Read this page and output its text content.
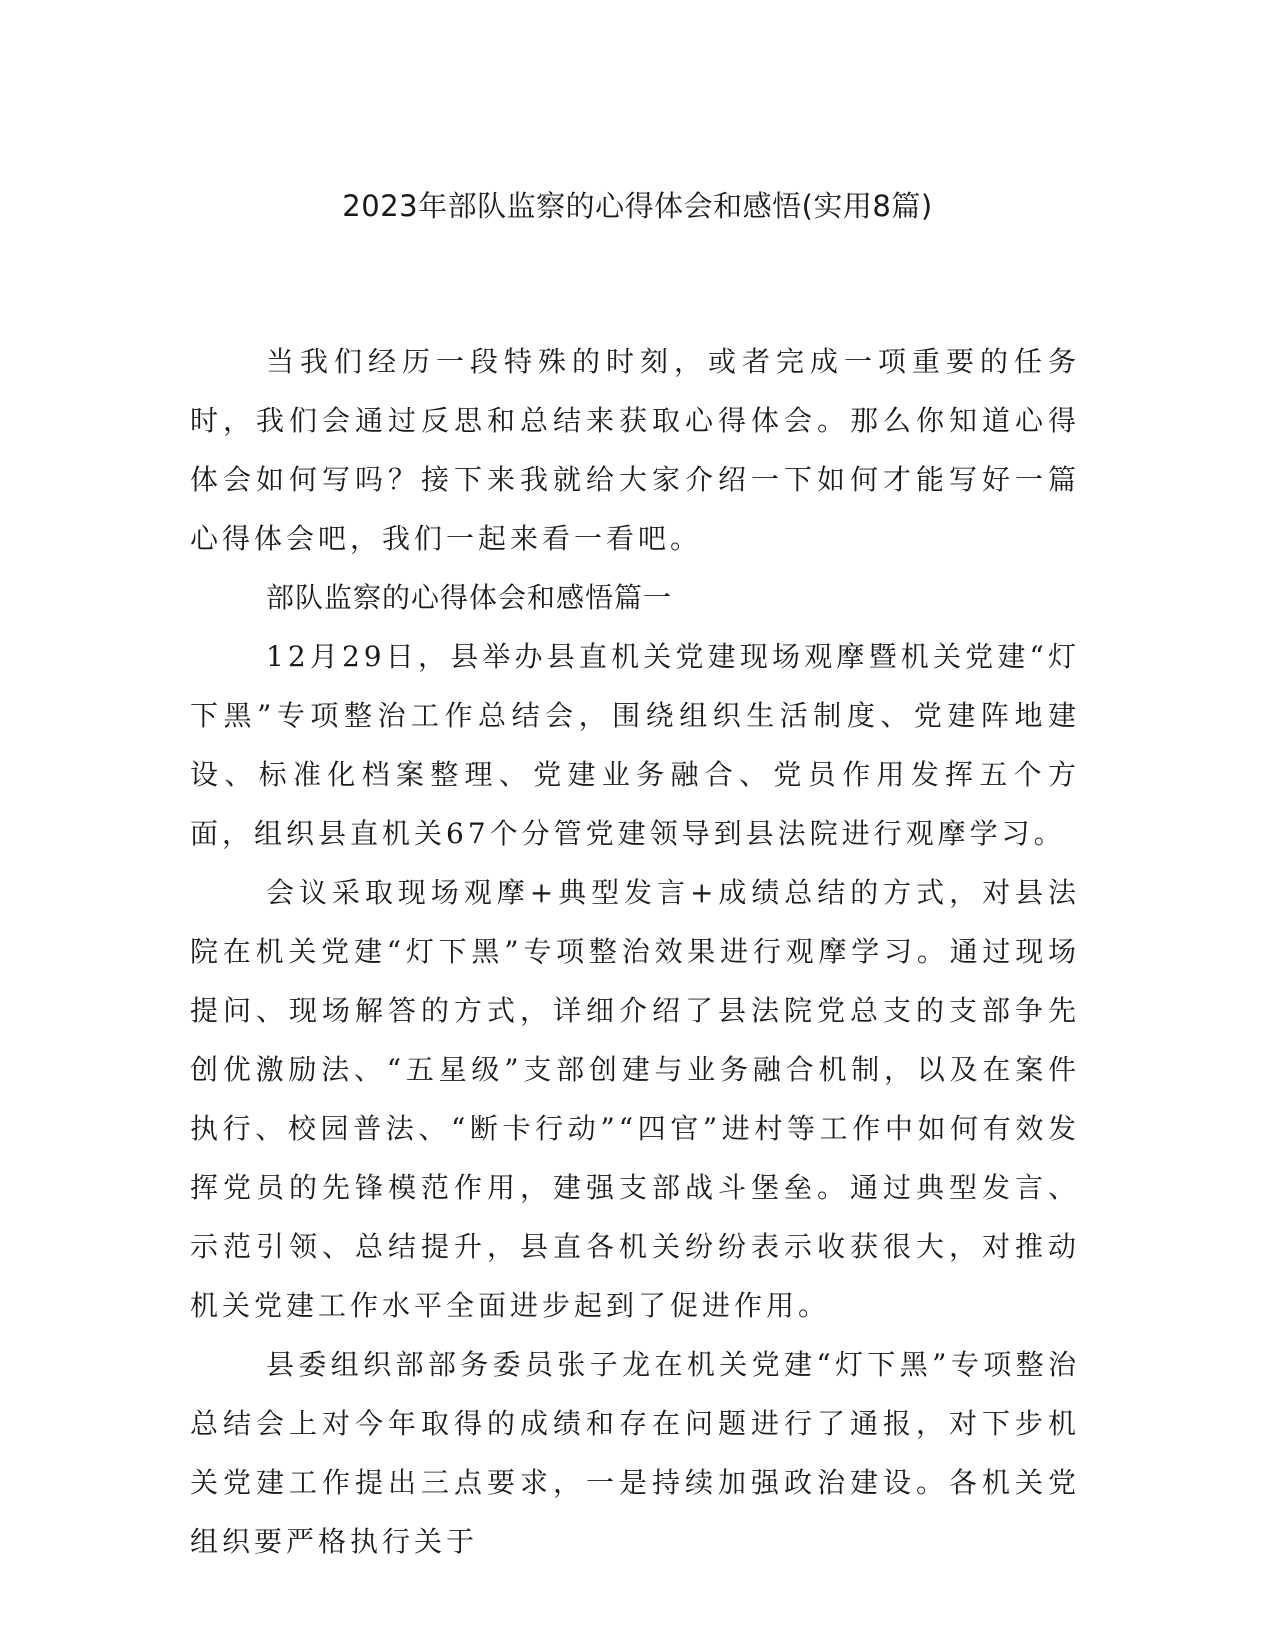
2023年部队监察的心得体会和感悟(实用8篇)

当我们经历一段特殊的时刻，或者完成一项重要的任务时，我们会通过反思和总结来获取心得体会。那么你知道心得体会如何写吗？接下来我就给大家介绍一下如何才能写好一篇心得体会吧，我们一起来看一看吧。

部队监察的心得体会和感悟篇一

12月29日，县举办县直机关党建现场观摩暨机关党建“灯下黑”专项整治工作总结会，围绕组织生活制度、党建阵地建设、标准化档案整理、党建业务融合、党员作用发挥五个方面，组织县直机关67个分管党建领导到县法院进行观摩学习。

会议采取现场观摩+典型发言+成绩总结的方式，对县法院在机关党建“灯下黑”专项整治效果进行观摩学习。通过现场提问、现场解答的方式，详细介绍了县法院党总支的支部争先创优激励法、“五星级”支部创建与业务融合机制，以及在案件执行、校园普法、“断卡行动”“四官”进村等工作中如何有效发挥党员的先锋模范作用，建强支部战斗堡垒。通过典型发言、示范引领、总结提升，县直各机关纷纷表示收获很大，对推动机关党建工作水平全面进步起到了促进作用。

县委组织部部务委员张子龙在机关党建“灯下黑”专项整治总结会上对今年取得的成绩和存在问题进行了通报，对下步机关党建工作提出三点要求，一是持续加强政治建设。各机关党组织要严格执行关于
